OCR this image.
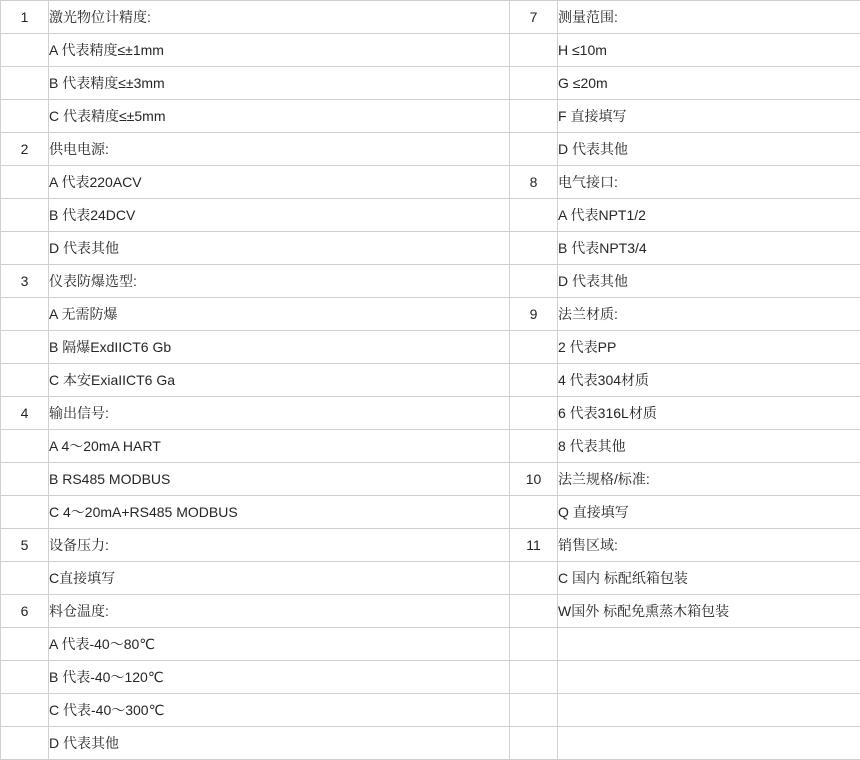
1	激光物位计精度:	7	测量范围:
	A 代表精度≤±1mm		H ≤10m
	B 代表精度≤±3mm		G ≤20m
	C 代表精度≤±5mm		F 直接填写
2	供电电源:		D 代表其他
	A 代表220ACV	8	电气接口:
	B 代表24DCV		A 代表NPT1/2
	D 代表其他		B 代表NPT3/4
3	仪表防爆选型:		D 代表其他
	A 无需防爆	9	法兰材质:
	B 隔爆ExdIICT6 Gb		2 代表PP
	C 本安ExiaIICT6 Ga		4 代表304材质
4	输出信号:		6 代表316L材质
	A 4～20mA HART		8 代表其他
	B RS485 MODBUS	10	法兰规格/标准:
	C 4～20mA+RS485 MODBUS		Q 直接填写
5	设备压力:	11	销售区域:
	C直接填写		C 国内 标配纸箱包装
6	料仓温度:		W国外 标配免熏蒸木箱包装
	A 代表-40～80℃		
	B 代表-40～120℃		
	C 代表-40～300℃		
	D 代表其他		
